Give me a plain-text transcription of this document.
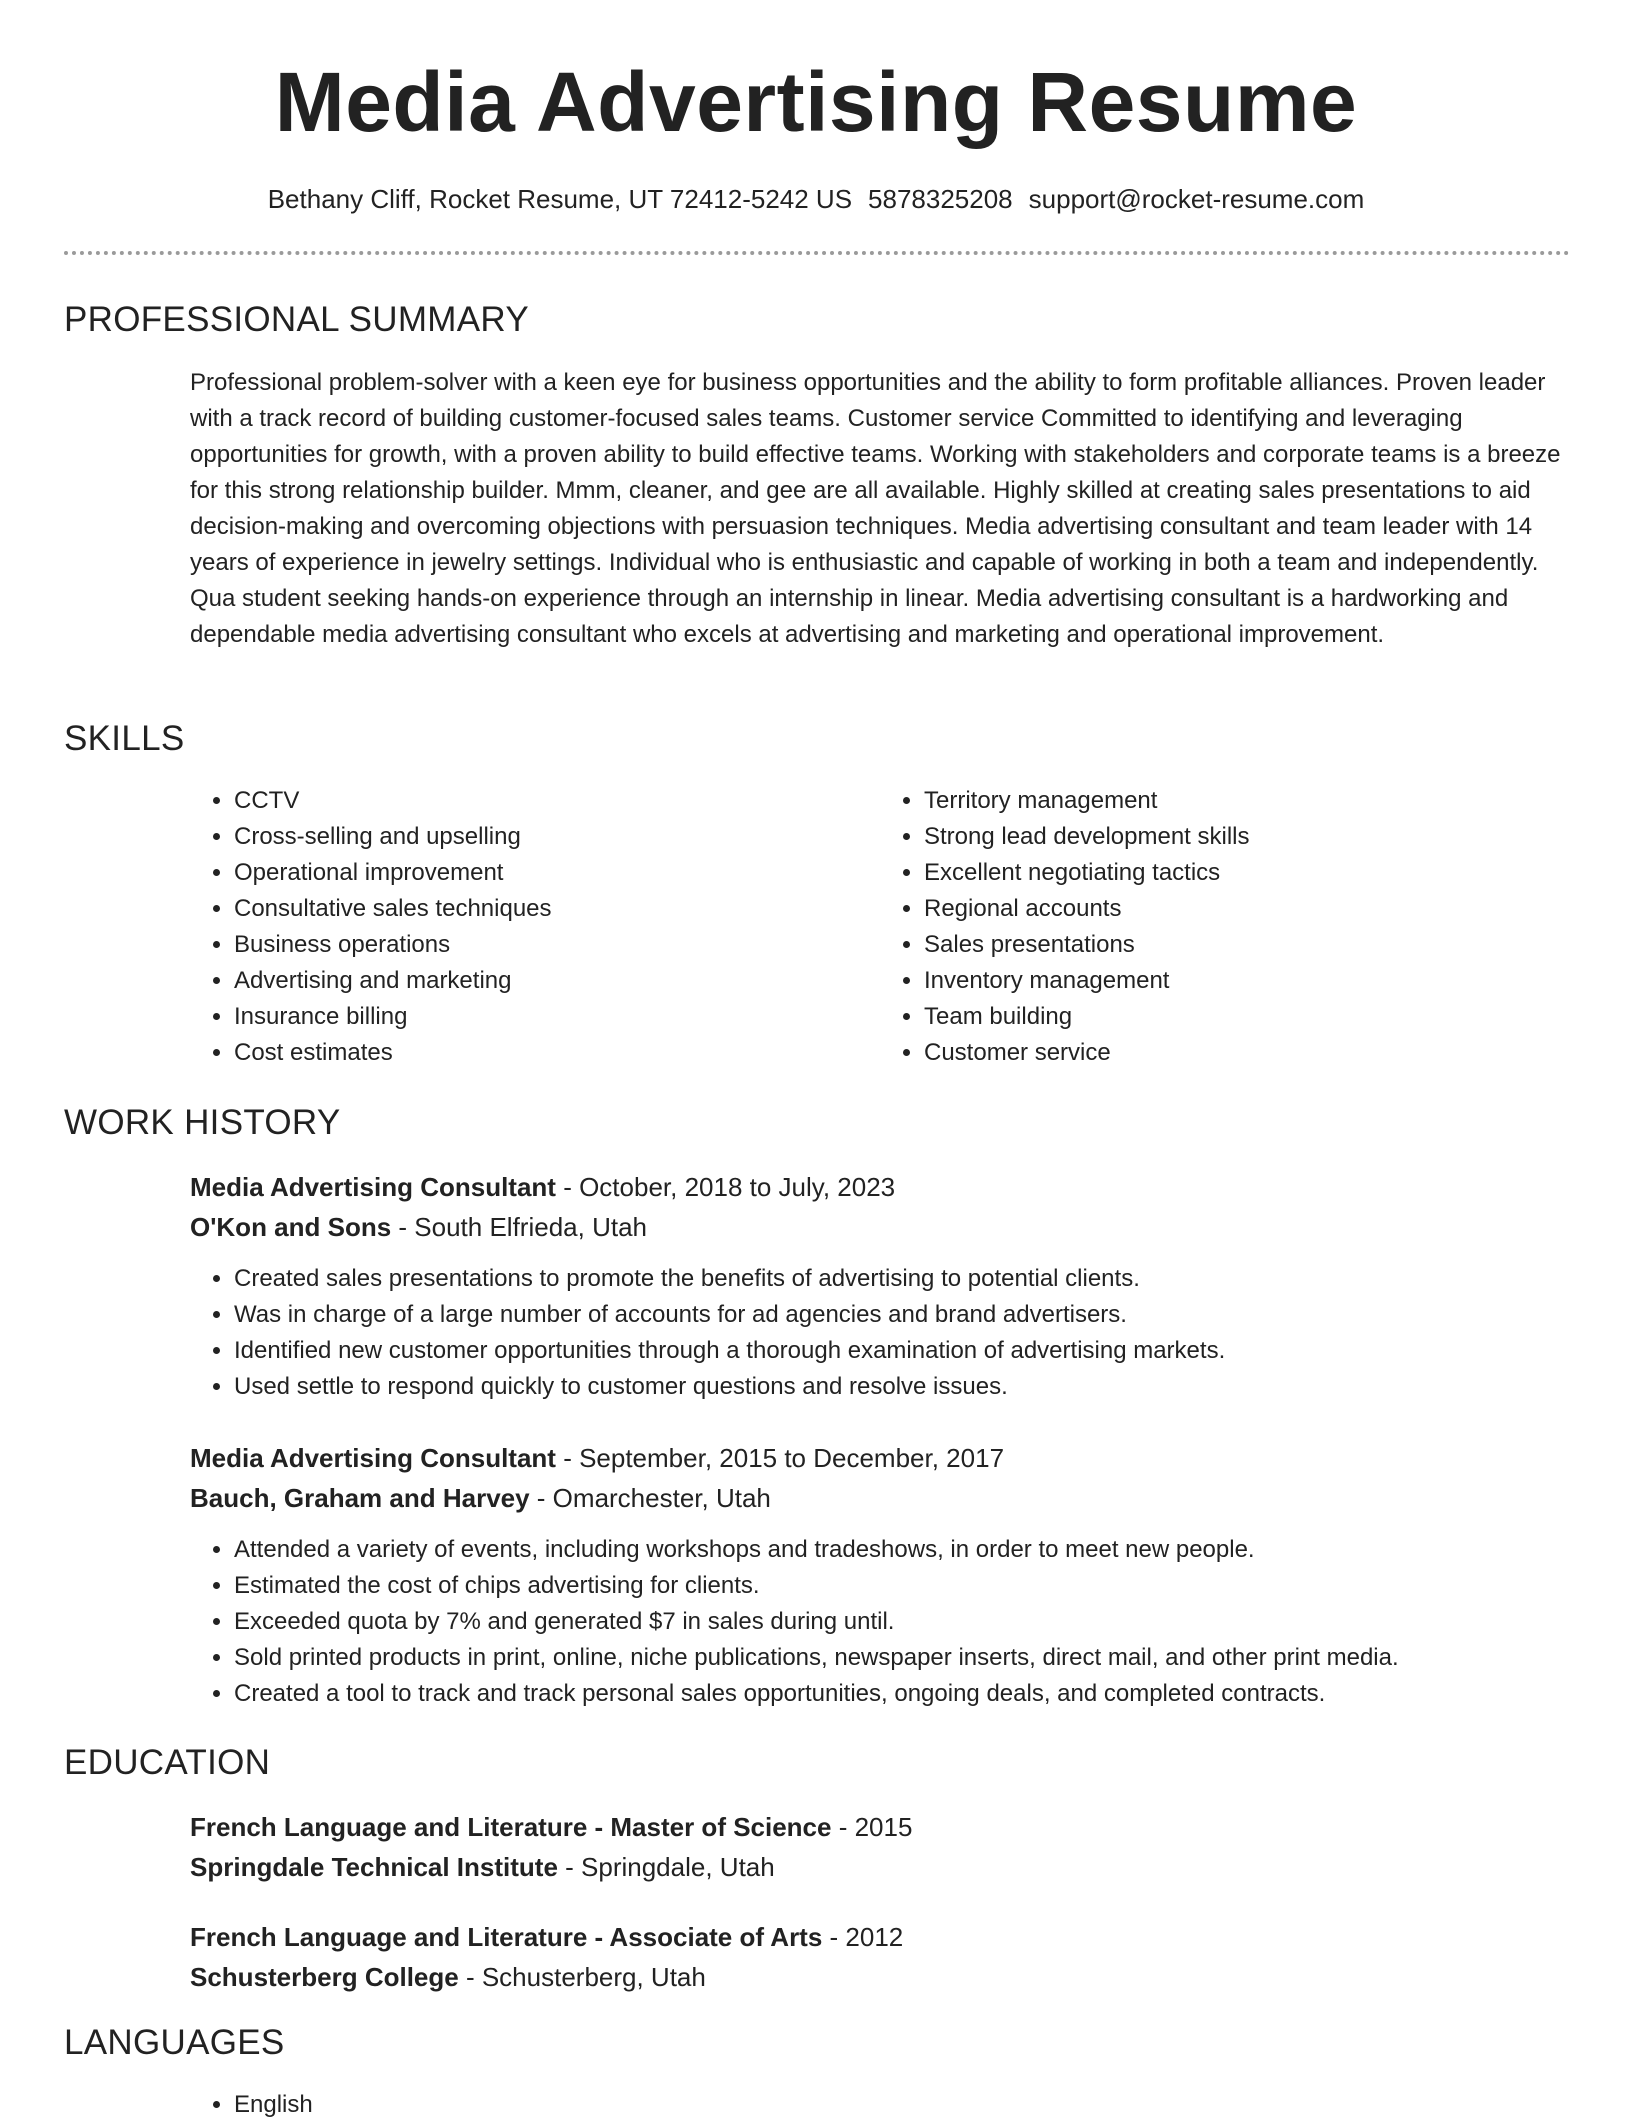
Media Advertising Resume
Bethany Cliff, Rocket Resume, UT 72412-5242 US 5878325208 support@rocket-resume.com
PROFESSIONAL SUMMARY

Professional problem-solver with a keen eye for business opportunities and the ability to form profitable alliances. Proven leader with a track record of building customer-focused sales teams. Customer service Committed to identifying and leveraging opportunities for growth, with a proven ability to build effective teams. Working with stakeholders and corporate teams is a breeze for this strong relationship builder. Mmm, cleaner, and gee are all available. Highly skilled at creating sales presentations to aid decision-making and overcoming objections with persuasion techniques. Media advertising consultant and team leader with 14 years of experience in jewelry settings. Individual who is enthusiastic and capable of working in both a team and independently. Qua student seeking hands-on experience through an internship in linear. Media advertising consultant is a hardworking and dependable media advertising consultant who excels at advertising and marketing and operational improvement.

SKILLS
• CCTV
• Cross-selling and upselling
• Operational improvement
• Consultative sales techniques
• Business operations
• Advertising and marketing
• Insurance billing
• Cost estimates
• Territory management
• Strong lead development skills
• Excellent negotiating tactics
• Regional accounts
• Sales presentations
• Inventory management
• Team building
• Customer service
WORK HISTORY
Media Advertising Consultant - October, 2018 to July, 2023
O'Kon and Sons - South Elfrieda, Utah
• Created sales presentations to promote the benefits of advertising to potential clients.
• Was in charge of a large number of accounts for ad agencies and brand advertisers.
• Identified new customer opportunities through a thorough examination of advertising markets.
• Used settle to respond quickly to customer questions and resolve issues.
Media Advertising Consultant - September, 2015 to December, 2017
Bauch, Graham and Harvey - Omarchester, Utah
• Attended a variety of events, including workshops and tradeshows, in order to meet new people.
• Estimated the cost of chips advertising for clients.
• Exceeded quota by 7% and generated $7 in sales during until.
• Sold printed products in print, online, niche publications, newspaper inserts, direct mail, and other print media.
• Created a tool to track and track personal sales opportunities, ongoing deals, and completed contracts.
EDUCATION
French Language and Literature - Master of Science - 2015
Springdale Technical Institute - Springdale, Utah
French Language and Literature - Associate of Arts - 2012
Schusterberg College - Schusterberg, Utah
LANGUAGES
• English
